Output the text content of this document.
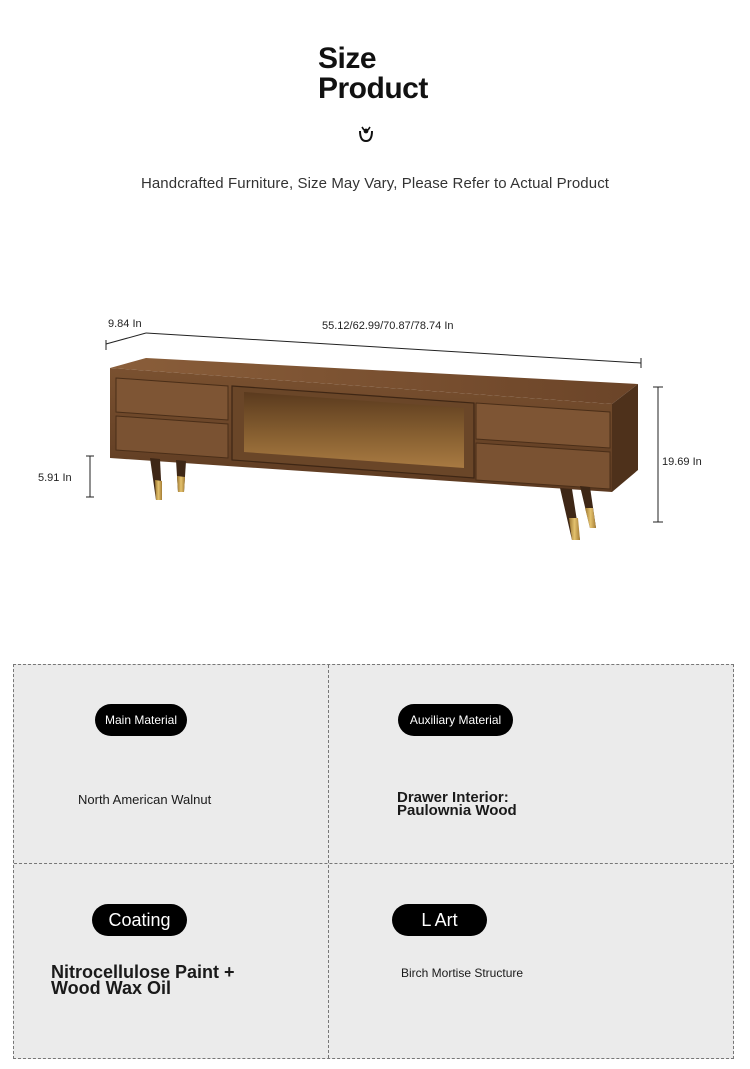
Size
Product
Handcrafted Furniture, Size May Vary, Please Refer to Actual Product
9.84 In	55.12/62.99/70.87/78.74 In
5.91 In
19.69 In
Main Material
North American Walnut
Auxiliary Material
Drawer Interior:
Paulownia Wood
Coating
Nitrocellulose Paint +
Wood Wax Oil
L Art
Birch Mortise Structure
